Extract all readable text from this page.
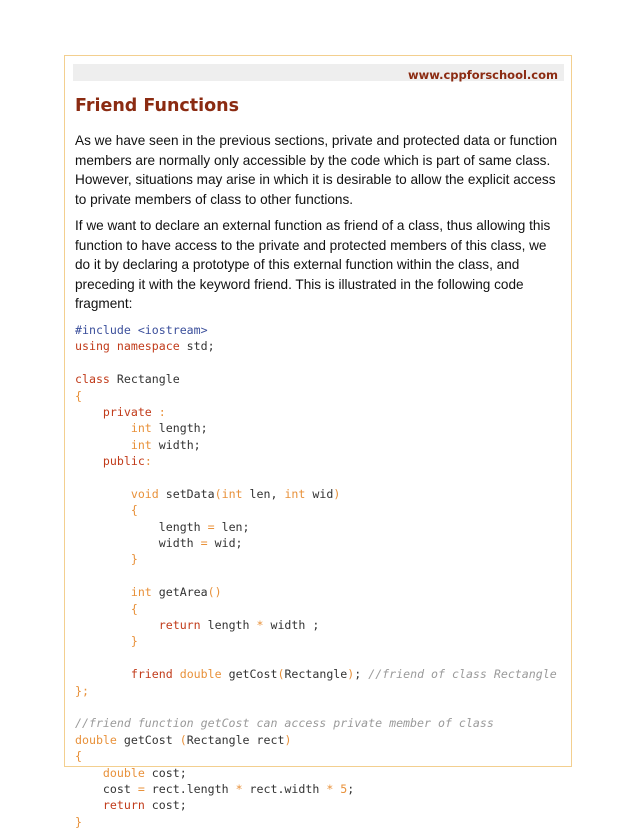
www.cppforschool.com
Friend Functions

As we have seen in the previous sections, private and protected data or function
members are normally only accessible by the code which is part of same class.
However, situations may arise in which it is desirable to allow the explicit access
to private members of class to other functions.

If we want to declare an external function as friend of a class, thus allowing this
function to have access to the private and protected members of this class, we
do it by declaring a prototype of this external function within the class, and
preceding it with the keyword friend. This is illustrated in the following code
fragment:

#include <iostream>
using namespace std;

class Rectangle
{
private :
int length;
int width;
public:

void setData(int len, int wid)
{
length = len;
width = wid;
}

int getArea()
{
return length * width ;
}

friend double getCost(Rectangle); //friend of class Rectangle
};

//friend function getCost can access private member of class
double getCost (Rectangle rect)
{
double cost;
cost = rect.length * rect.width * 5;
return cost;
}
